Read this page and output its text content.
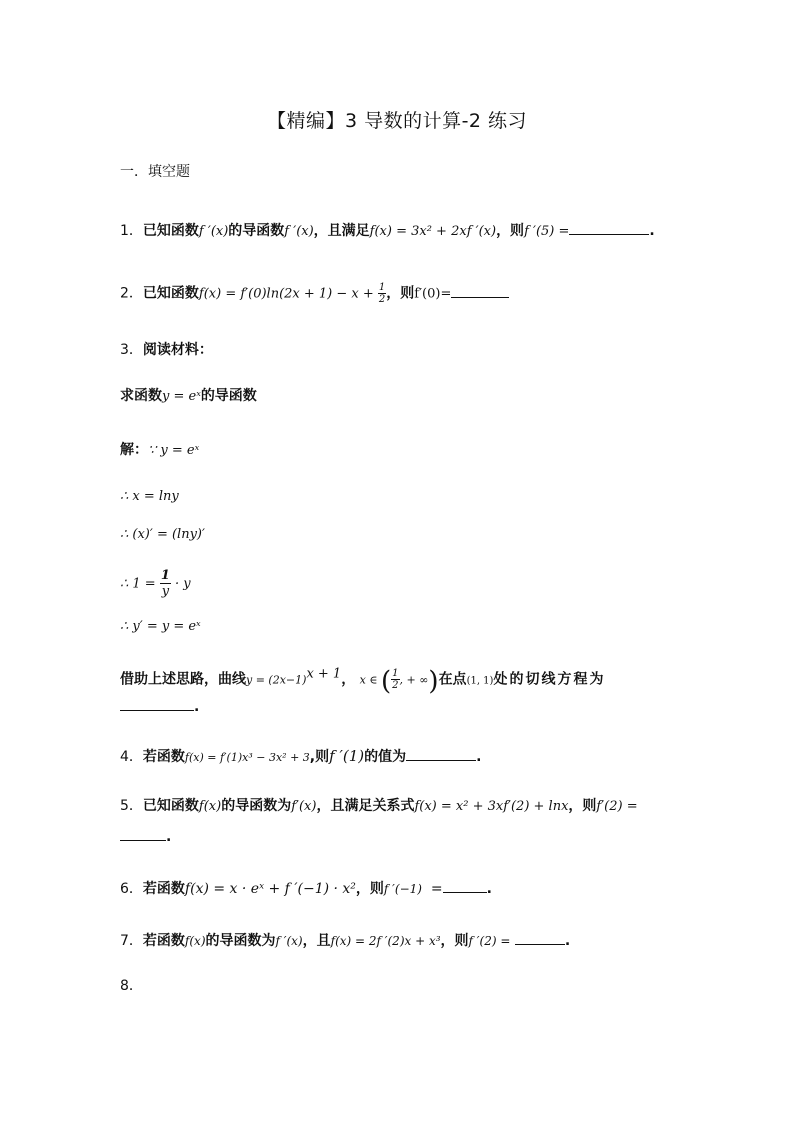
【精编】3 导数的计算-2 练习
一．填空题
1．已知函数f ′(x)的导函数f ′(x)，且满足f(x) = 3x² + 2xf ′(x)，则f ′(5) =	.
2．已知函数$f(x) = f'(0)\ln(2x + 1) - x + \frac{1}{2}$ ，则f′(0)=
3．阅读材料：
求函数y = eˣ的导函数
解：∵ y = eˣ
∴ x = lny
∴ (x)′ = (lny)′
∴ $1 = \frac{1}{y} \cdot y$
∴ y′ = y = eˣ
借助上述思路，曲线$y = (2x-1)^{x + 1}$， x ∈ ( $\frac{1}{2}$ , + ∞)在点(1, 1)处的切线方程为
.
4．若函数f(x) = f′(1)x³ − 3x² + 3,则f ′(1)的值为	.
5．已知函数f(x)的导函数为f′(x)，且满足关系式f(x) = x² + 3xf′(2) + lnx，则f′(2) =
.
6．若函数f(x) = x · eˣ + f ′(−1) · x²，则f ′(−1) =	.
7．若函数f(x)的导函数为f ′(x)，且f(x) = 2f ′(2)x + x³，则f ′(2) =	.
8．
